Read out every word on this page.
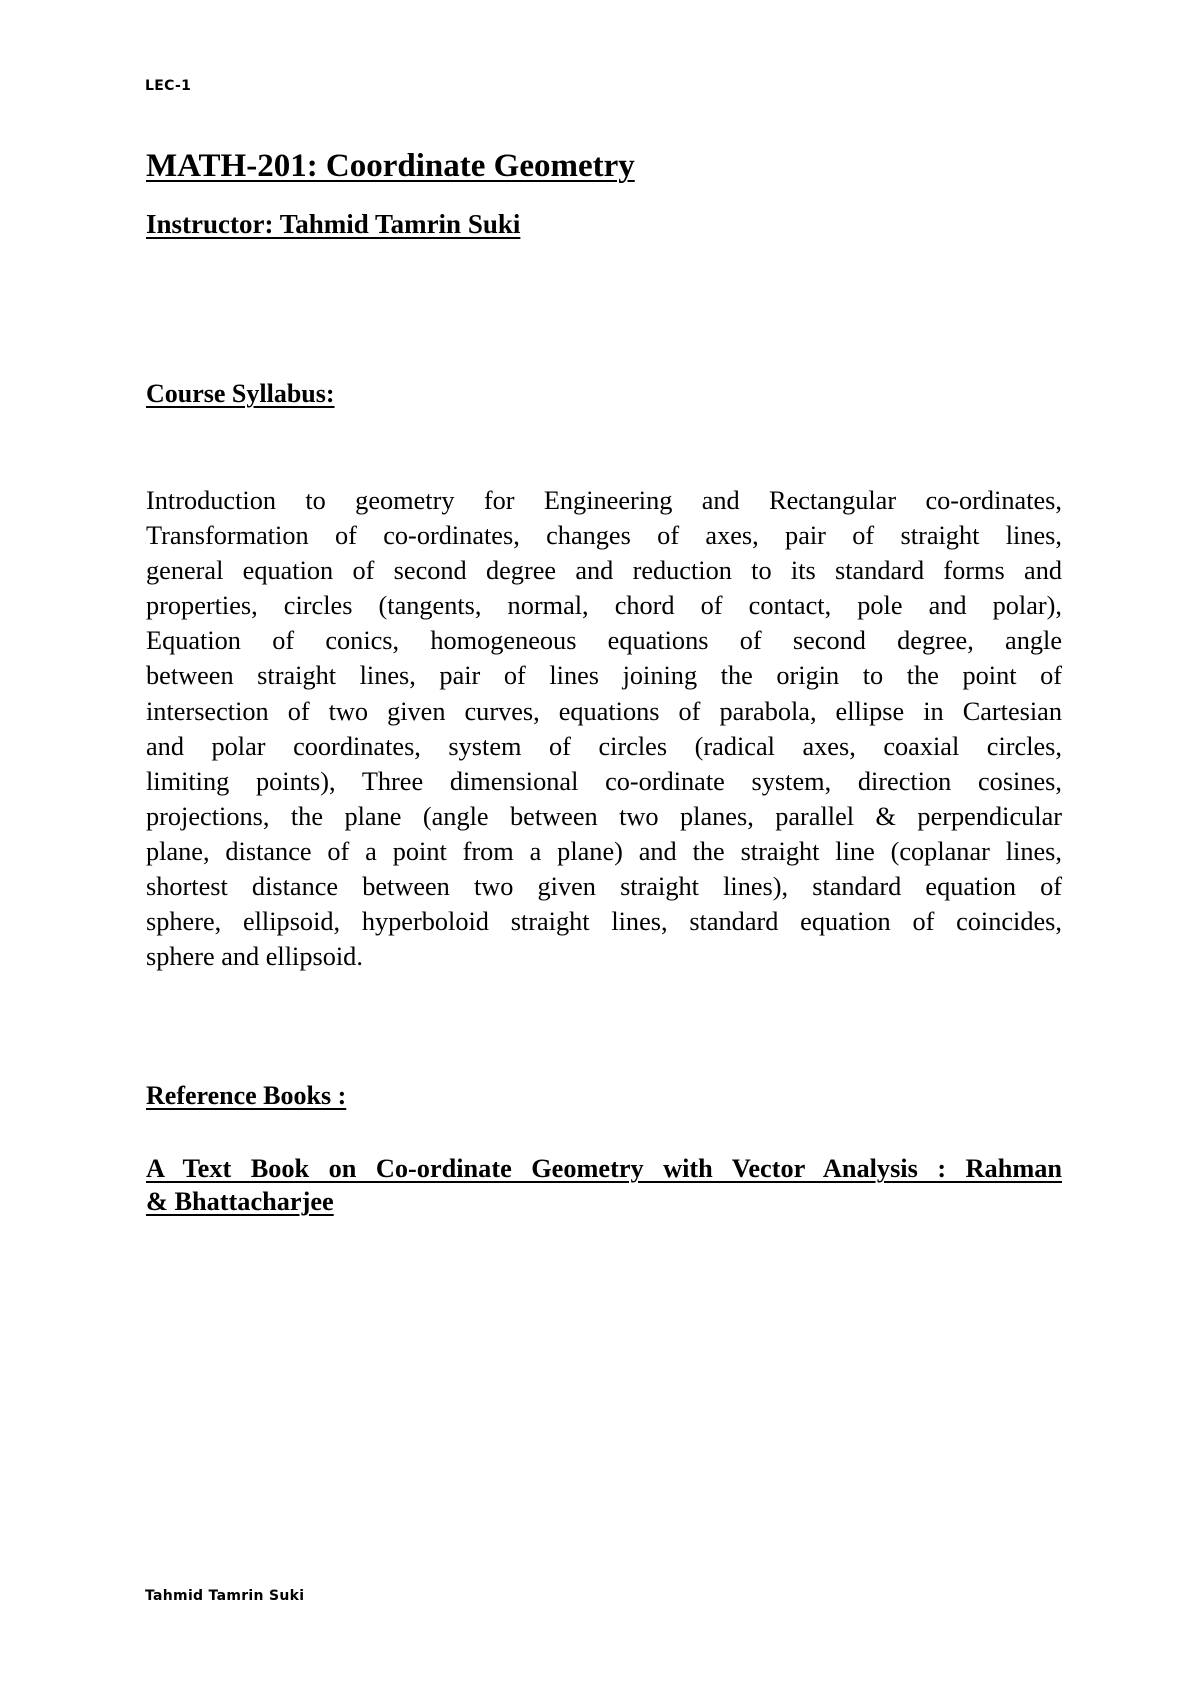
LEC-1
MATH-201: Coordinate Geometry
Instructor: Tahmid Tamrin Suki
Course Syllabus:
Introduction to geometry for Engineering and Rectangular co-ordinates,
Transformation of co-ordinates, changes of axes, pair of straight lines,
general equation of second degree and reduction to its standard forms and
properties, circles (tangents, normal, chord of contact, pole and polar),
Equation of conics, homogeneous equations of second degree, angle
between straight lines, pair of lines joining the origin to the point of
intersection of two given curves, equations of parabola, ellipse in Cartesian
and polar coordinates, system of circles (radical axes, coaxial circles,
limiting points), Three dimensional co-ordinate system, direction cosines,
projections, the plane (angle between two planes, parallel & perpendicular
plane, distance of a point from a plane) and the straight line (coplanar lines,
shortest distance between two given straight lines), standard equation of
sphere, ellipsoid, hyperboloid straight lines, standard equation of coincides,
sphere and ellipsoid.
Reference Books :
A Text Book on Co-ordinate Geometry with Vector Analysis : Rahman
& Bhattacharjee
Tahmid Tamrin Suki
